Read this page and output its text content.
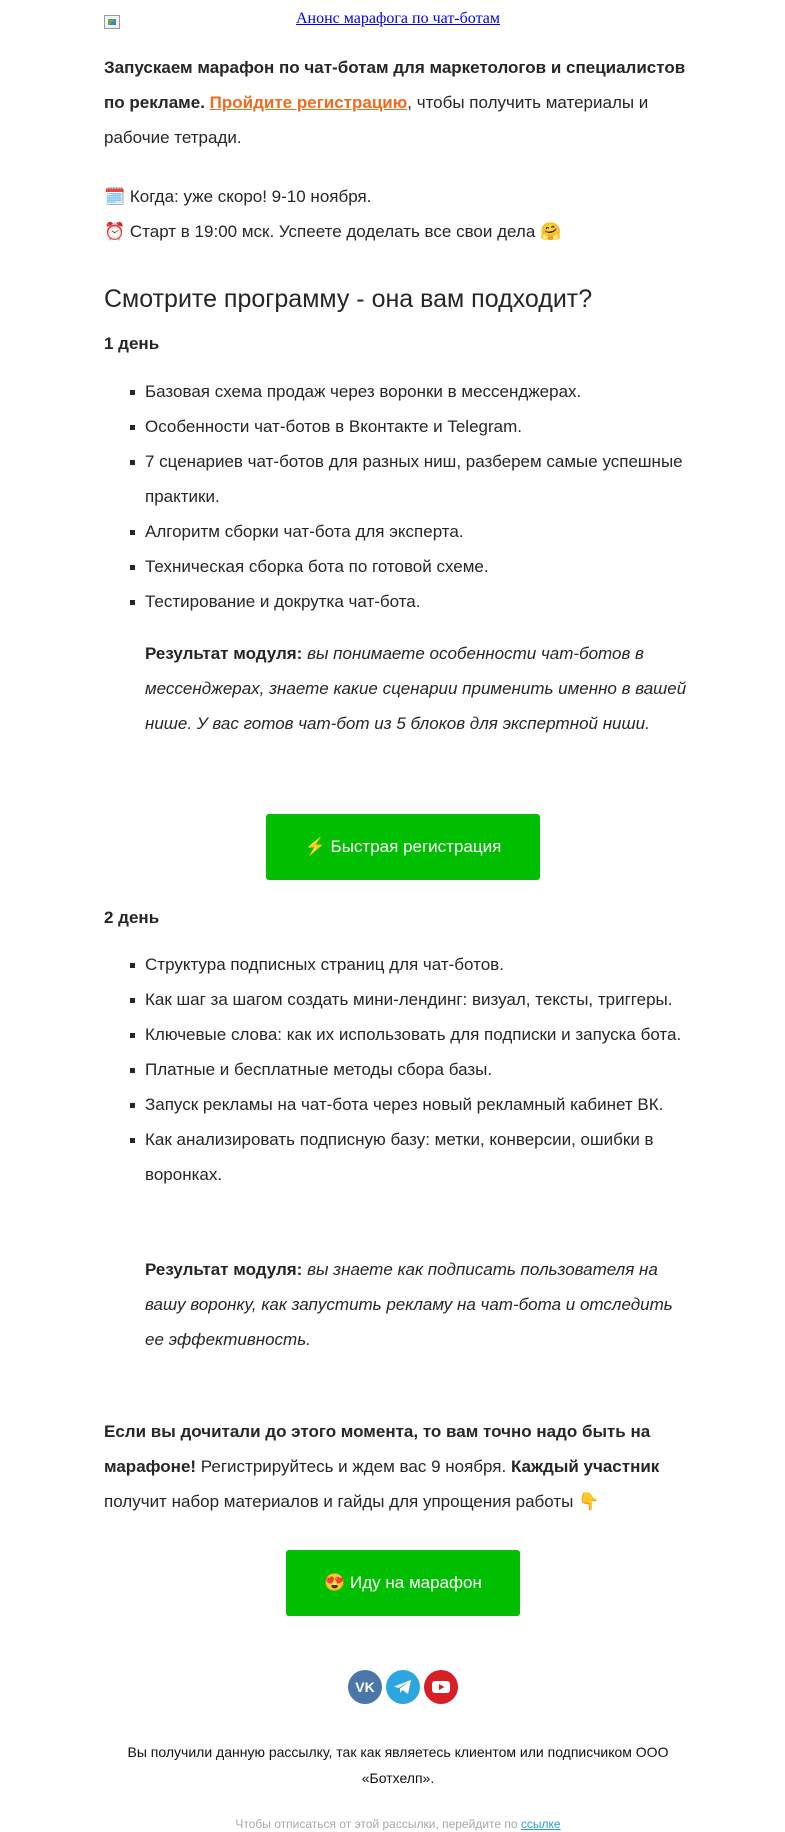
Анонс марафога по чат-ботам

Запускаем марафон по чат-ботам для маркетологов и специалистов по рекламе. Пройдите регистрацию, чтобы получить материалы и рабочие тетради.

🗓️ Когда: уже скоро! 9-10 ноября.

⏰ Старт в 19:00 мск. Успеете доделать все свои дела 🤗

Смотрите программу - она вам подходит?

1 день

Базовая схема продаж через воронки в мессенджерах.
Особенности чат-ботов в Вконтакте и Telegram.
7 сценариев чат-ботов для разных ниш, разберем самые успешные практики.
Алгоритм сборки чат-бота для эксперта.
Техническая сборка бота по готовой схеме.
Тестирование и докрутка чат-бота.

Результат модуля: вы понимаете особенности чат-ботов в мессенджерах, знаете какие сценарии применить именно в вашей нише. У вас готов чат-бот из 5 блоков для экспертной ниши.

⚡ Быстрая регистрация

2 день

Структура подписных страниц для чат-ботов.
Как шаг за шагом создать мини-лендинг: визуал, тексты, триггеры.
Ключевые слова: как их использовать для подписки и запуска бота.
Платные и бесплатные методы сбора базы.
Запуск рекламы на чат-бота через новый рекламный кабинет ВК.
Как анализировать подписную базу: метки, конверсии, ошибки в воронках.

Результат модуля: вы знаете как подписать пользователя на вашу воронку, как запустить рекламу на чат-бота и отследить ее эффективность.

Если вы дочитали до этого момента, то вам точно надо быть на марафоне! Регистрируйтесь и ждем вас 9 ноября. Каждый участник получит набор материалов и гайды для упрощения работы 👇

😍 Иду на марафон
VK
Вы получили данную рассылку, так как являетесь клиентом или подписчиком ООО «Ботхелп».
Чтобы отписаться от этой рассылки, перейдите по ссылке
